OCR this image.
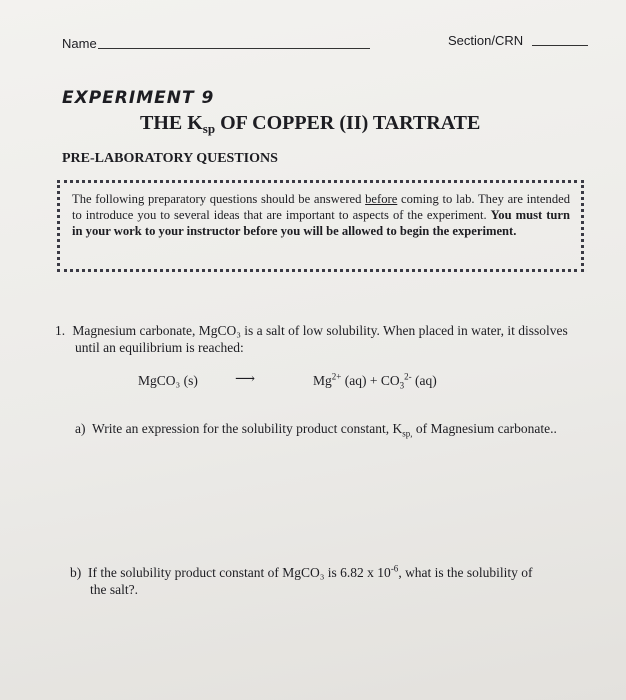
Name	Section/CRN
EXPERIMENT 9
THE $K_{sp}$ OF COPPER (II) TARTRATE
PRE-LABORATORY QUESTIONS
The following preparatory questions should be answered before coming to lab. They are intended to introduce you to several ideas that are important to aspects of the experiment. You must turn in your work to your instructor before you will be allowed to begin the experiment.
1. Magnesium carbonate, MgCO₃ is a salt of low solubility. When placed in water, it dissolves
until an equilibrium is reached:
MgCO₃ (s)	⟶	$Mg^{2+}$ $(aq) + CO_3^{2-}$ (aq)
a) Write an expression for the solubility product constant, $K_{sp,}$ of Magnesium carbonate..
b) If the solubility product constant of MgCO₃ is 6.82 x $10^{-6}$, what is the solubility of
the salt?.
